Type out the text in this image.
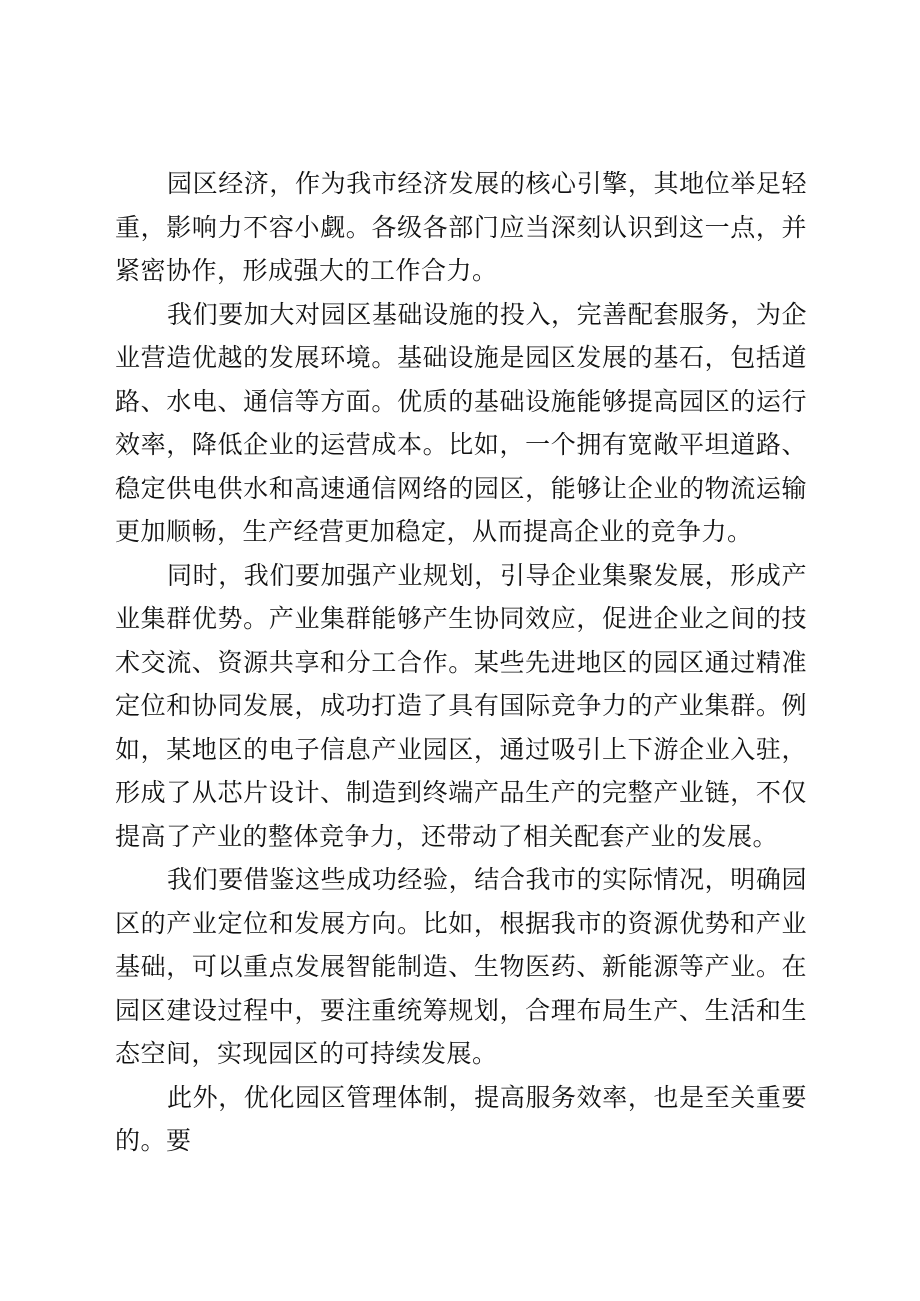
园区经济，作为我市经济发展的核心引擎，其地位举足轻重，影响力不容小觑。各级各部门应当深刻认识到这一点，并紧密协作，形成强大的工作合力。

我们要加大对园区基础设施的投入，完善配套服务，为企业营造优越的发展环境。基础设施是园区发展的基石，包括道路、水电、通信等方面。优质的基础设施能够提高园区的运行效率，降低企业的运营成本。比如，一个拥有宽敞平坦道路、稳定供电供水和高速通信网络的园区，能够让企业的物流运输更加顺畅，生产经营更加稳定，从而提高企业的竞争力。

同时，我们要加强产业规划，引导企业集聚发展，形成产业集群优势。产业集群能够产生协同效应，促进企业之间的技术交流、资源共享和分工合作。某些先进地区的园区通过精准定位和协同发展，成功打造了具有国际竞争力的产业集群。例如，某地区的电子信息产业园区，通过吸引上下游企业入驻，形成了从芯片设计、制造到终端产品生产的完整产业链，不仅提高了产业的整体竞争力，还带动了相关配套产业的发展。

我们要借鉴这些成功经验，结合我市的实际情况，明确园区的产业定位和发展方向。比如，根据我市的资源优势和产业基础，可以重点发展智能制造、生物医药、新能源等产业。在园区建设过程中，要注重统筹规划，合理布局生产、生活和生态空间，实现园区的可持续发展。

此外，优化园区管理体制，提高服务效率，也是至关重要的。要
